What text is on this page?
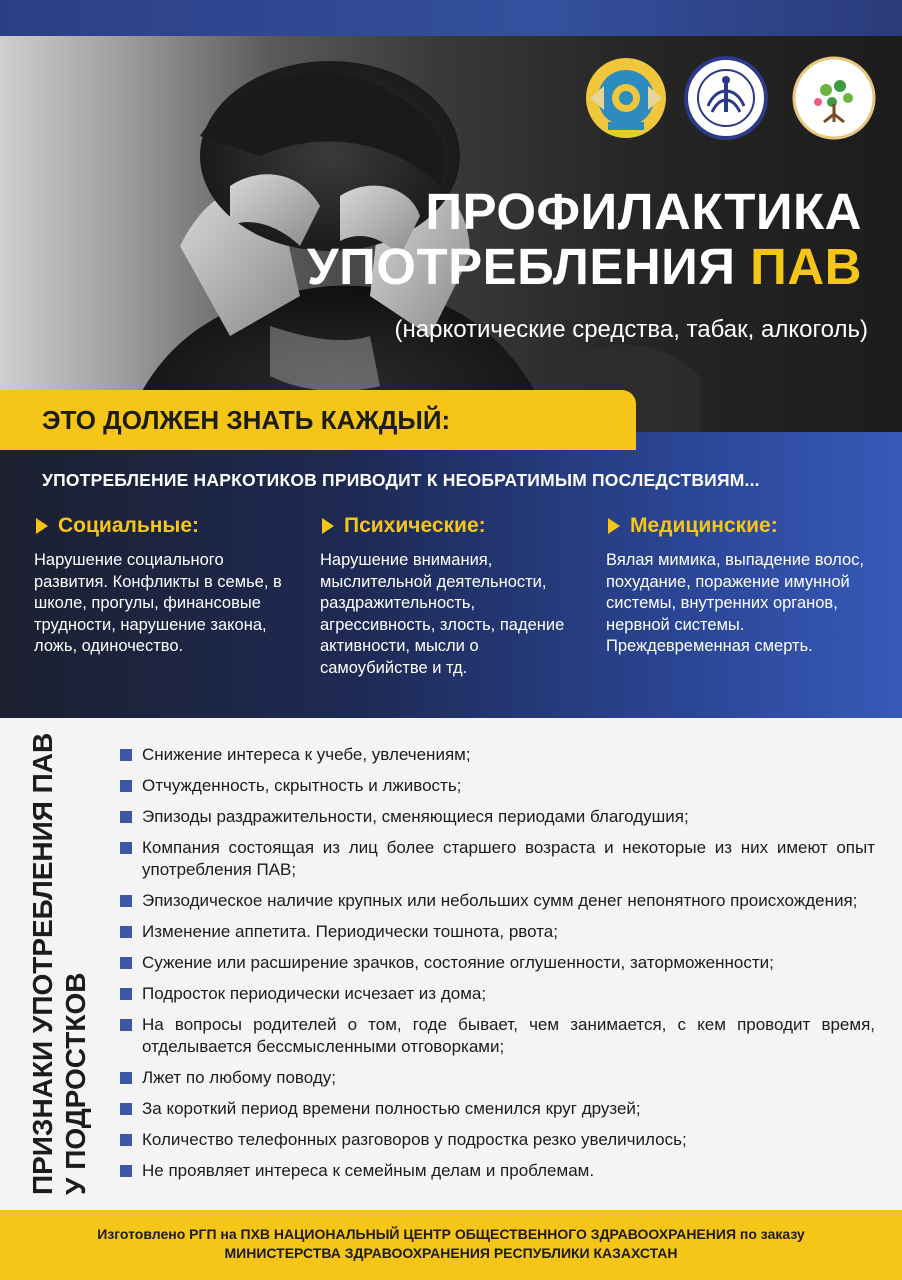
ПРОФИЛАКТИКА
УПОТРЕБЛЕНИЯ ПАВ
(наркотические средства, табак, алкоголь)
УПОТРЕБЛЕНИЕ НАРКОТИКОВ ПРИВОДИТ К НЕОБРАТИМЫМ ПОСЛЕДСТВИЯМ...
Социальные:
Нарушение социального развития. Конфликты в семье, в школе, прогулы, финансовые трудности, нарушение закона, ложь, одиночество.
Психические:
Нарушение внимания, мыслительной деятельности, раздражительность, агрессивность, злость, падение активности, мысли о самоубийстве и тд.
Медицинские:
Вялая мимика, выпадение волос, похудание, поражение имунной системы, внутренних органов, нервной системы. Преждевременная смерть.
ЭТО ДОЛЖЕН ЗНАТЬ КАЖДЫЙ:
ПРИЗНАКИ УПОТРЕБЛЕНИЯ ПАВ У ПОДРОСТКОВ
Снижение интереса к учебе, увлечениям;
Отчужденность, скрытность и лживость;
Эпизоды раздражительности, сменяющиеся периодами благодушия;
Компания состоящая из лиц более старшего возраста и некоторые из них имеют опыт употребления ПАВ;
Эпизодическое наличие крупных или небольших сумм денег непонятного происхождения;
Изменение аппетита. Периодически тошнота, рвота;
Сужение или расширение зрачков, состояние оглушенности, заторможенности;
Подросток периодически исчезает из дома;
На вопросы родителей о том, годе бывает, чем занимается, с кем проводит время, отделывается бессмысленными отговорками;
Лжет по любому поводу;
За короткий период времени полностью сменился круг друзей;
Количество телефонных разговоров у подростка резко увеличилось;
Не проявляет интереса к семейным делам и проблемам.
Изготовлено РГП на ПХВ НАЦИОНАЛЬНЫЙ ЦЕНТР ОБЩЕСТВЕННОГО ЗДРАВООХРАНЕНИЯ по заказу
МИНИСТЕРСТВА ЗДРАВООХРАНЕНИЯ РЕСПУБЛИКИ КАЗАХСТАН
